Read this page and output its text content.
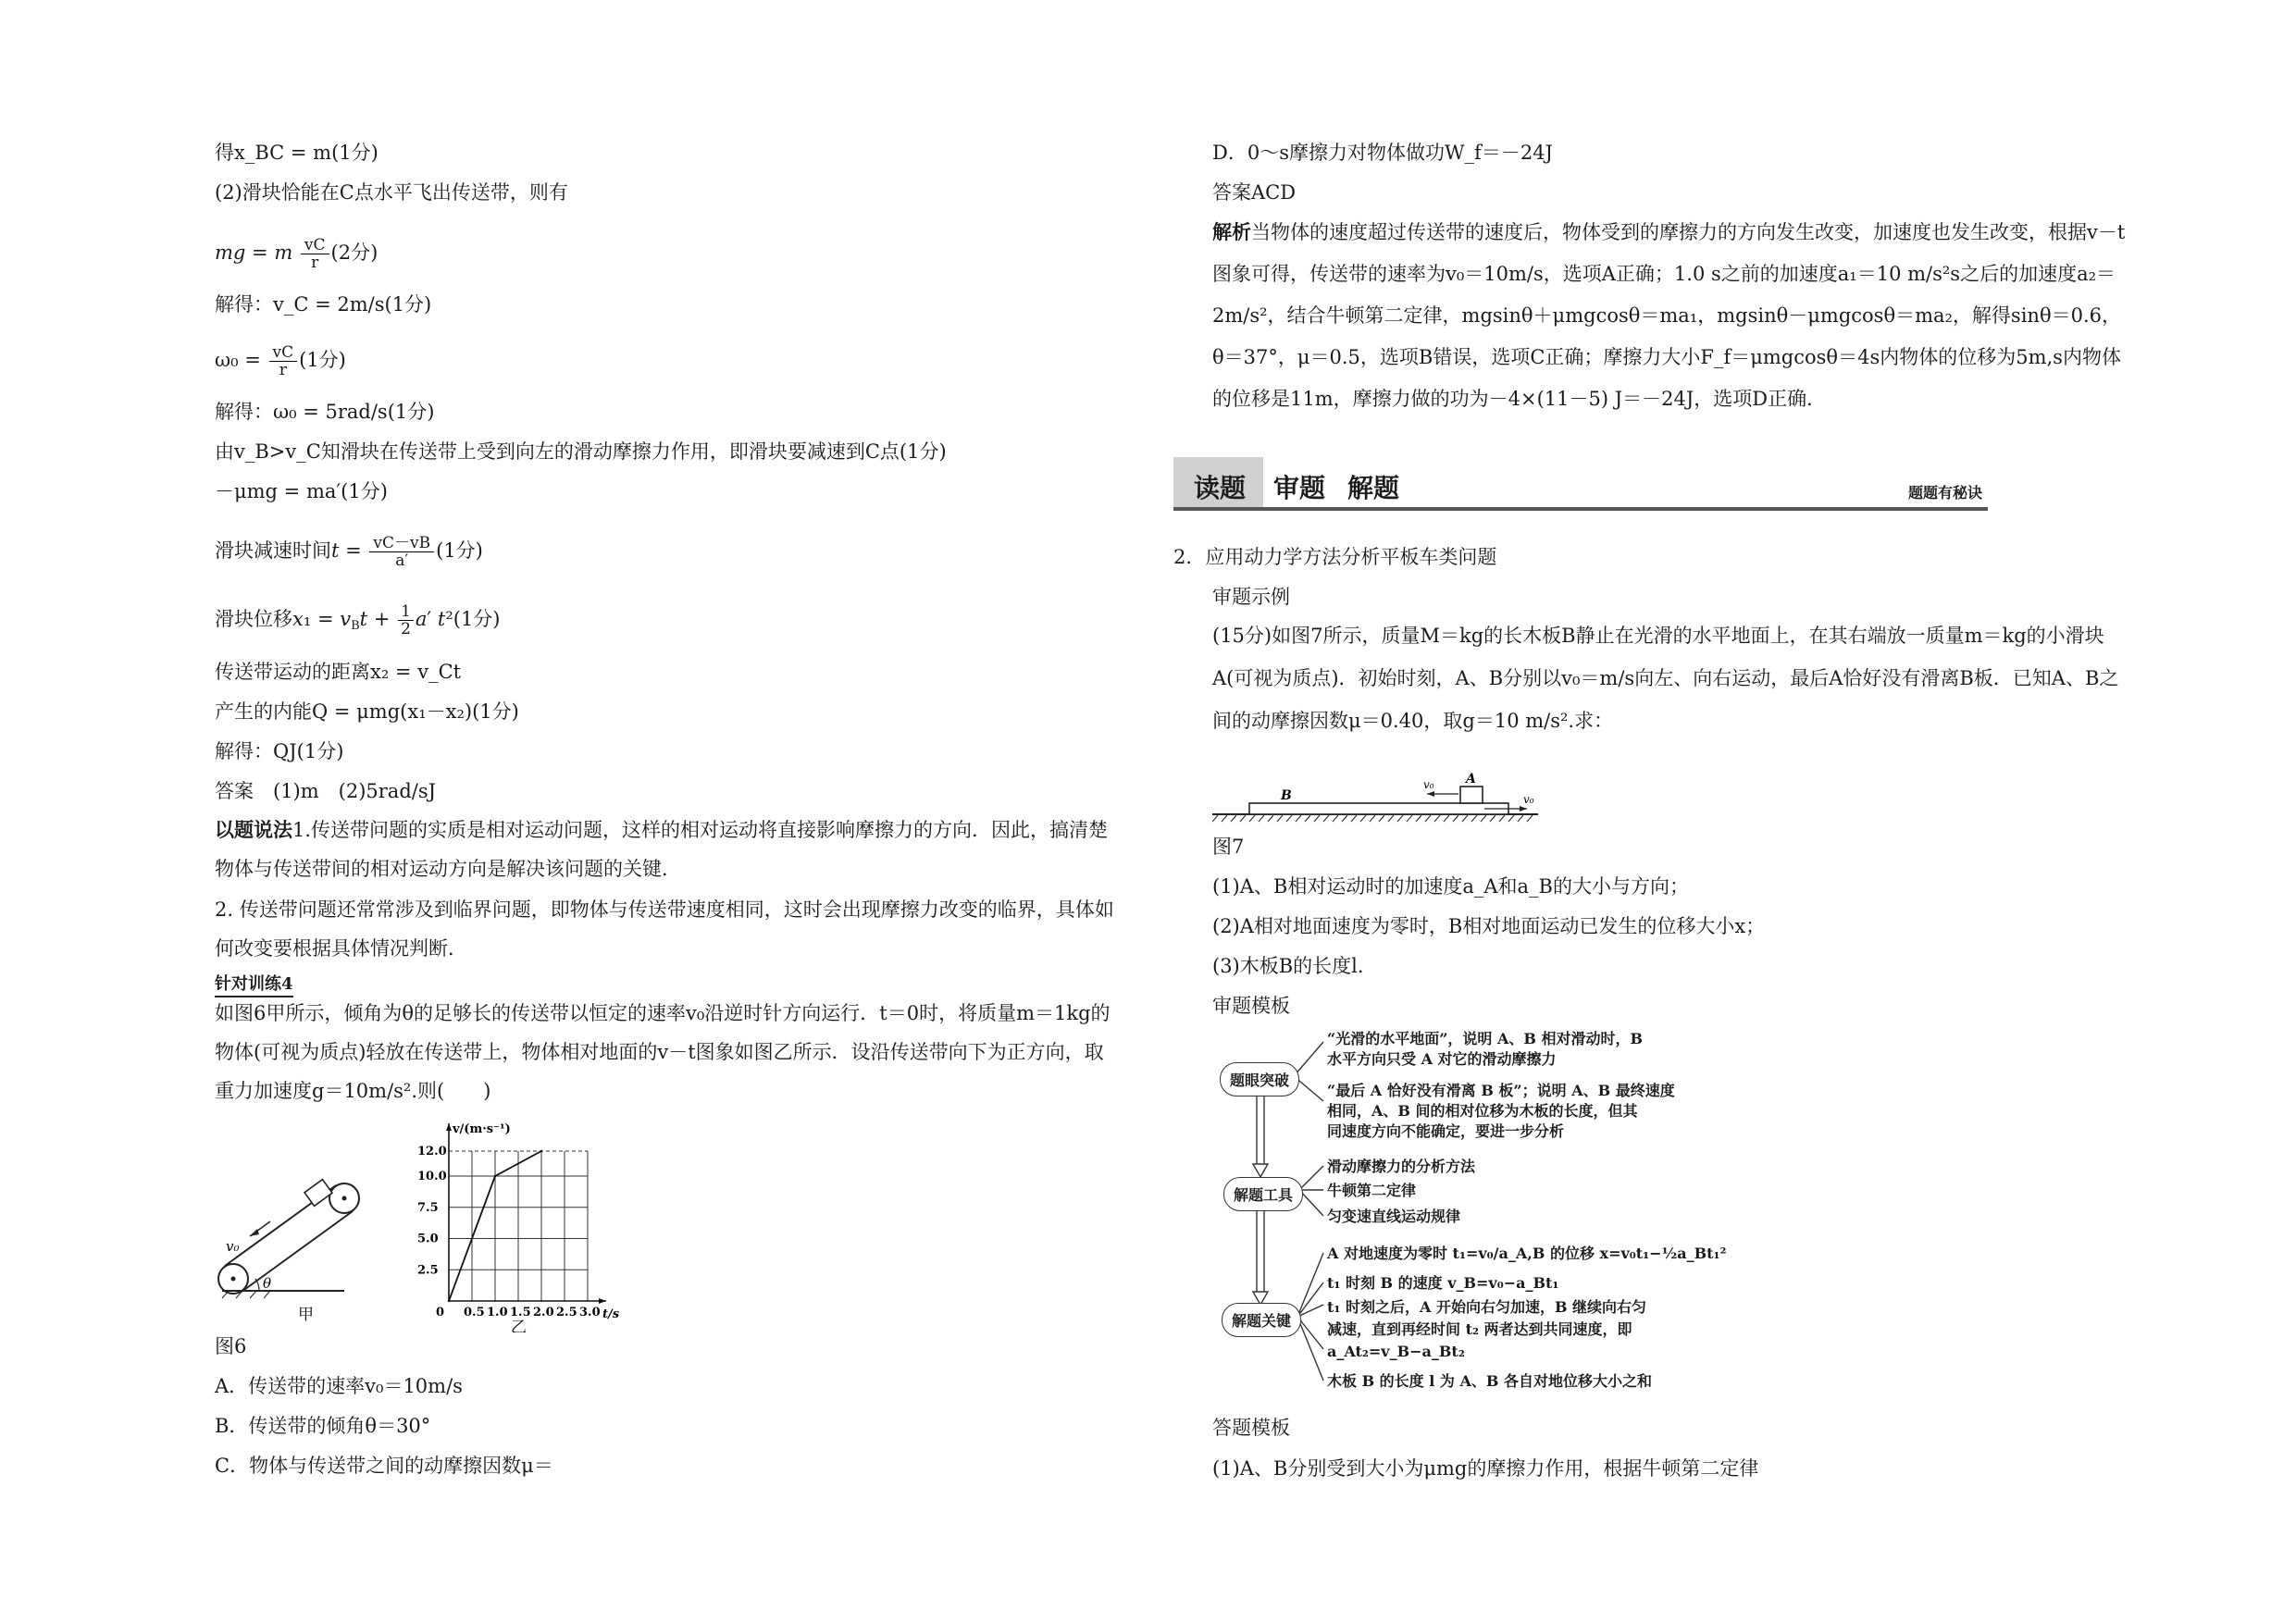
得x_BC = m(1分)
(2)滑块恰能在C点水平飞出传送带，则有
mg = m $\frac{vC}{r} (2$分)
解得：v_C = 2m/s(1分)
$\omega_0 = \frac{vC}{r} (1$分)
解得：ω₀ = 5rad/s(1分)
由v_B>v_C知滑块在传送带上受到向左的滑动摩擦力作用，即滑块要减速到C点(1分)
－μmg = ma′(1分)
滑块减速时间$t = \frac{vC-vB}{a'} (1$分)
滑块位移$x_1 = v_Bt + \frac{1}{2} a'$ t²(1分)
传送带运动的距离x₂ = v_Ct
产生的内能Q = μmg(x₁－x₂)(1分)
解得：QJ(1分)
答案　(1)m　(2)5rad/sJ
以题说法1.传送带问题的实质是相对运动问题，这样的相对运动将直接影响摩擦力的方向．因此，搞清楚物体与传送带间的相对运动方向是解决该问题的关键．
2. 传送带问题还常常涉及到临界问题，即物体与传送带速度相同，这时会出现摩擦力改变的临界，具体如何改变要根据具体情况判断．
针对训练4
如图6甲所示，倾角为θ的足够长的传送带以恒定的速率v₀沿逆时针方向运行．t＝0时，将质量m＝1kg的物体(可视为质点)轻放在传送带上，物体相对地面的v－t图象如图乙所示．设沿传送带向下为正方向，取重力加速度g＝10m/s².则(　　)
v₀
θ
甲	0.5 1.0 1.5 2.0 2.5 3.0
2.5
5.0
7.5
10.0
12.0
0	t/s
v/(m·s⁻¹)
乙
图6
A．传送带的速率v₀＝10m/s
B．传送带的倾角θ＝30°
C．物体与传送带之间的动摩擦因数μ＝
D．0～s摩擦力对物体做功W_f＝－24J
答案ACD
解析当物体的速度超过传送带的速度后，物体受到的摩擦力的方向发生改变，加速度也发生改变，根据v－t图象可得，传送带的速率为v₀＝10m/s，选项A正确；1.0 s之前的加速度a₁＝10 m/s²s之后的加速度a₂＝2m/s²，结合牛顿第二定律，mgsinθ＋μmgcosθ＝ma₁，mgsinθ－μmgcosθ＝ma₂，解得sinθ＝0.6，θ＝37°，μ＝0.5，选项B错误，选项C正确；摩擦力大小F_f＝μmgcosθ＝4s内物体的位移为5m,s内物体的位移是11m，摩擦力做的功为－4×(11－5) J＝－24J，选项D正确．
读题 审题 解题	题题有秘诀
2．应用动力学方法分析平板车类问题
审题示例
(15分)如图7所示，质量M＝kg的长木板B静止在光滑的水平地面上，在其右端放一质量m＝kg的小滑块A(可视为质点)．初始时刻，A、B分别以v₀＝m/s向左、向右运动，最后A恰好没有滑离B板．已知A、B之间的动摩擦因数μ＝0.40，取g＝10 m/s².求：
B
A
v₀
v₀
图7
(1)A、B相对运动时的加速度a_A和a_B的大小与方向；
(2)A相对地面速度为零时，B相对地面运动已发生的位移大小x；
(3)木板B的长度l.
审题模板
题眼突破
解题工具
解题关键
“光滑的水平地面”，说明 A、B 相对滑动时，B
水平方向只受 A 对它的滑动摩擦力
“最后 A 恰好没有滑离 B 板”；说明 A、B 最终速度
相同，A、B 间的相对位移为木板的长度，但其
同速度方向不能确定，要进一步分析
滑动摩擦力的分析方法
牛顿第二定律
匀变速直线运动规律
A 对地速度为零时 t₁=v₀/a_A,B 的位移 x=v₀t₁−½a_Bt₁²
t₁ 时刻 B 的速度 v_B=v₀−a_Bt₁
t₁ 时刻之后，A 开始向右匀加速，B 继续向右匀
减速，直到再经时间 t₂ 两者达到共同速度，即
a_At₂=v_B−a_Bt₂
木板 B 的长度 l 为 A、B 各自对地位移大小之和
答题模板
(1)A、B分别受到大小为μmg的摩擦力作用，根据牛顿第二定律
